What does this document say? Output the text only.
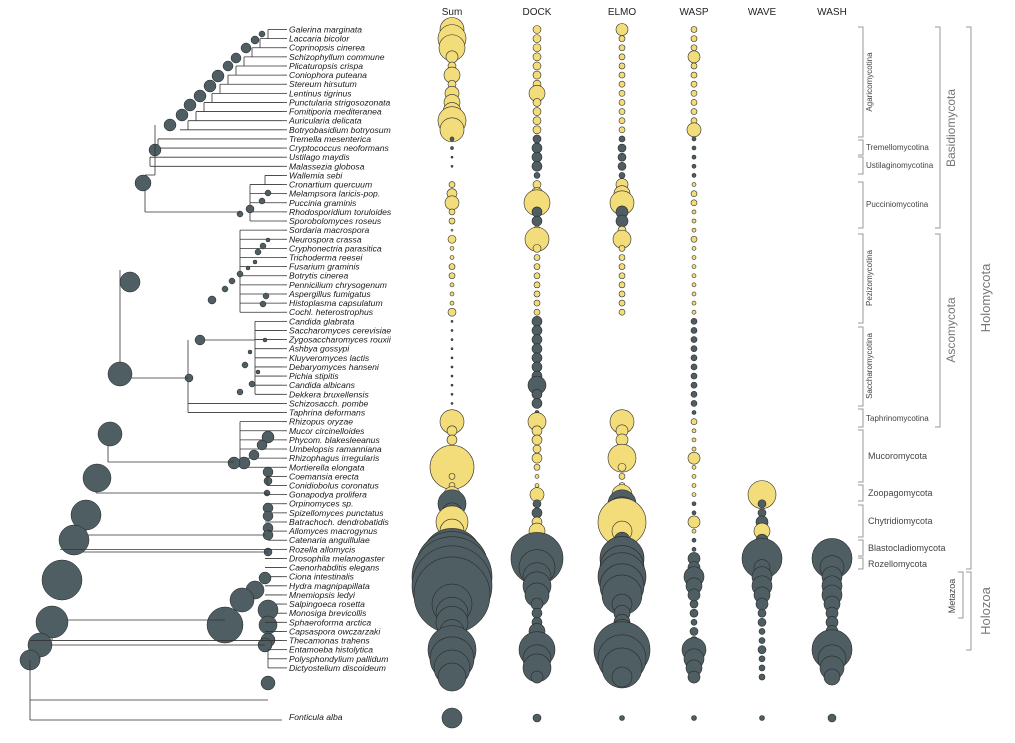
Galerina marginata
Laccaria bicolor
Coprinopsis cinerea
Schizophyllum commune
Plicaturopsis crispa
Coniophora puteana
Stereum hirsutum
Lentinus tigrinus
Punctularia strigosozonata
Fomitiporia mediteranea
Auricularia delicata
Botryobasidium botryosum
Tremella mesenterica
Cryptococcus neoformans
Ustilago maydis
Malassezia globosa
Wallemia sebi
Cronartium quercuum
Melampsora laricis-pop.
Puccinia graminis
Rhodosporidium toruloides
Sporobolomyces roseus
Sordaria macrospora
Neurospora crassa
Cryphonectria parasitica
Trichoderma reesei
Fusarium graminis
Botrytis cinerea
Pennicilium chrysogenum
Aspergillus fumigatus
Histoplasma capsulatum
Cochl. heterostrophus
Candida glabrata
Saccharomyces cerevisiae
Zygosaccharomyces rouxii
Ashbya gossypi
Kluyveromyces lactis
Debaryomyces hanseni
Pichia stipitis
Candida albicans
Dekkera bruxellensis
Schizosacch. pombe
Taphrina deformans
Rhizopus oryzae
Mucor circinelloides
Phycom. blakesleeanus
Umbelopsis ramanniana
Rhizophagus irregularis
Mortierella elongata
Coemansia erecta
Conidiobolus coronatus
Gonapodya prolifera
Orpinomyces sp.
Spizellomyces punctatus
Batrachoch. dendrobatidis
Allomyces macrogynus
Catenaria anguillulae
Rozella allomycis
Drosophila melanogaster
Caenorhabditis elegans
Ciona intestinalis
Hydra magnipapillata
Mnemiopsis ledyi
Salpingoeca rosetta
Monosiga brevicollis
Sphaeroforma arctica
Capsaspora owczarzaki
Thecamonas trahens
Entamoeba histolytica
Polysphondylium pallidum
Dictyostelium discoideum
Fonticula alba
Sum	DOCK	ELMO	WASP	WAVE	WASH
Agaricomycotina
Tremellomycotina
Ustilaginomycotina
Pucciniomycotina
Pezizomycotina
Saccharomycotina
Taphrinomycotina
Mucoromycota
Zoopagomycota
Chytridiomycota
Blastocladiomycota
Rozellomycota
Metazoa
Basidiomycota
Ascomycota Holomycota
Holozoa
